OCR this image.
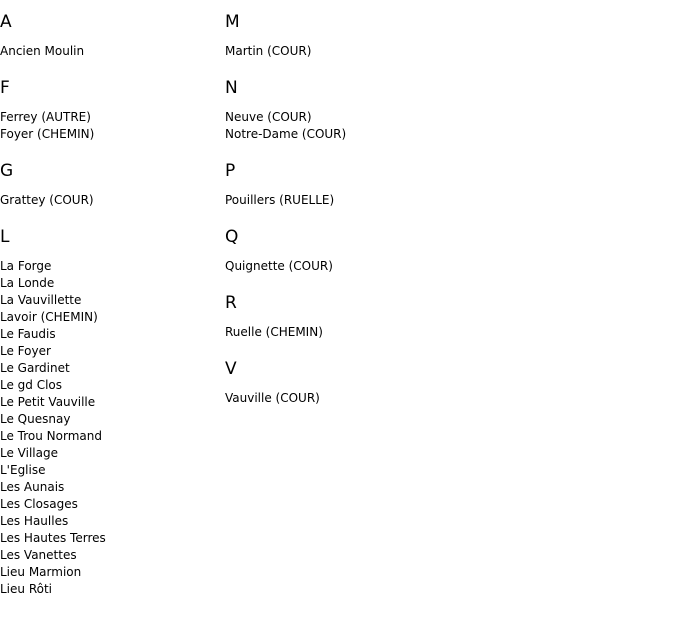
A
Ancien Moulin
F
Ferrey (AUTRE)
Foyer (CHEMIN)
G
Grattey (COUR)
L
La Forge
La Londe
La Vauvillette
Lavoir (CHEMIN)
Le Faudis
Le Foyer
Le Gardinet
Le gd Clos
Le Petit Vauville
Le Quesnay
Le Trou Normand
Le Village
L'Eglise
Les Aunais
Les Closages
Les Haulles
Les Hautes Terres
Les Vanettes
Lieu Marmion
Lieu Rôti
M
Martin (COUR)
N
Neuve (COUR)
Notre-Dame (COUR)
P
Pouillers (RUELLE)
Q
Quignette (COUR)
R
Ruelle (CHEMIN)
V
Vauville (COUR)
